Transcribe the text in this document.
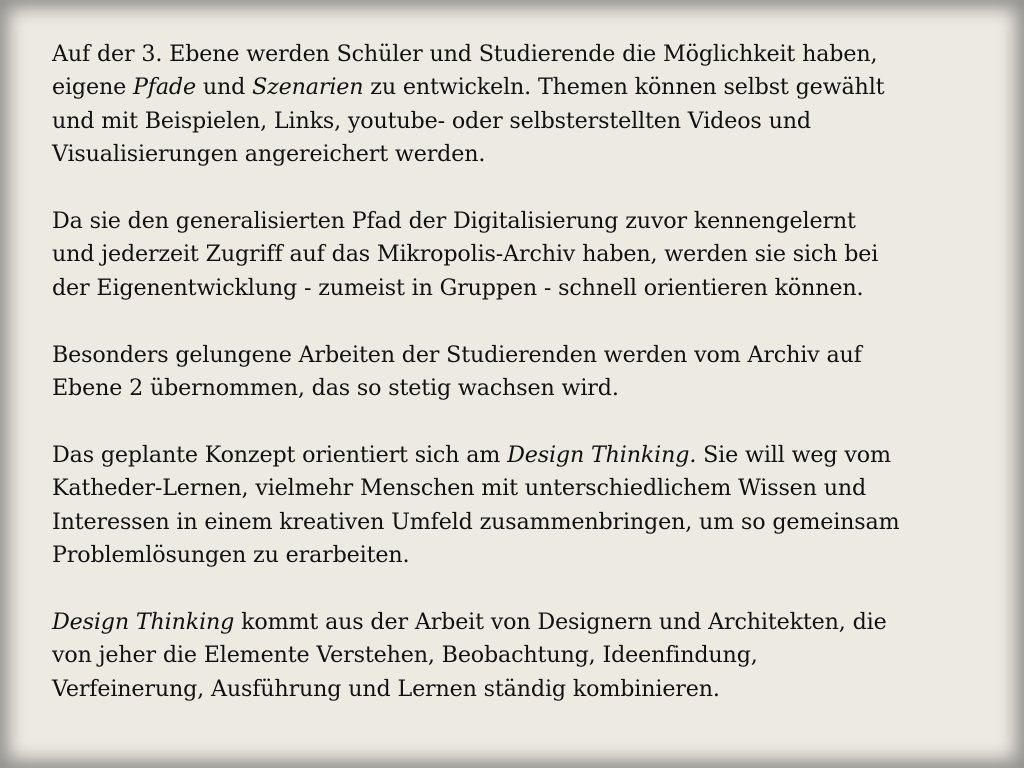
Auf der 3. Ebene werden Schüler und Studierende die Möglichkeit haben,
eigene Pfade und Szenarien zu entwickeln. Themen können selbst gewählt
und mit Beispielen, Links, youtube- oder selbsterstellten Videos und
Visualisierungen angereichert werden.

Da sie den generalisierten Pfad der Digitalisierung zuvor kennengelernt
und jederzeit Zugriff auf das Mikropolis-Archiv haben, werden sie sich bei
der Eigenentwicklung - zumeist in Gruppen - schnell orientieren können.

Besonders gelungene Arbeiten der Studierenden werden vom Archiv auf
Ebene 2 übernommen, das so stetig wachsen wird.

Das geplante Konzept orientiert sich am Design Thinking. Sie will weg vom
Katheder-Lernen, vielmehr Menschen mit unterschiedlichem Wissen und
Interessen in einem kreativen Umfeld zusammenbringen, um so gemeinsam
Problemlösungen zu erarbeiten.

Design Thinking kommt aus der Arbeit von Designern und Architekten, die
von jeher die Elemente Verstehen, Beobachtung, Ideenfindung,
Verfeinerung, Ausführung und Lernen ständig kombinieren.
